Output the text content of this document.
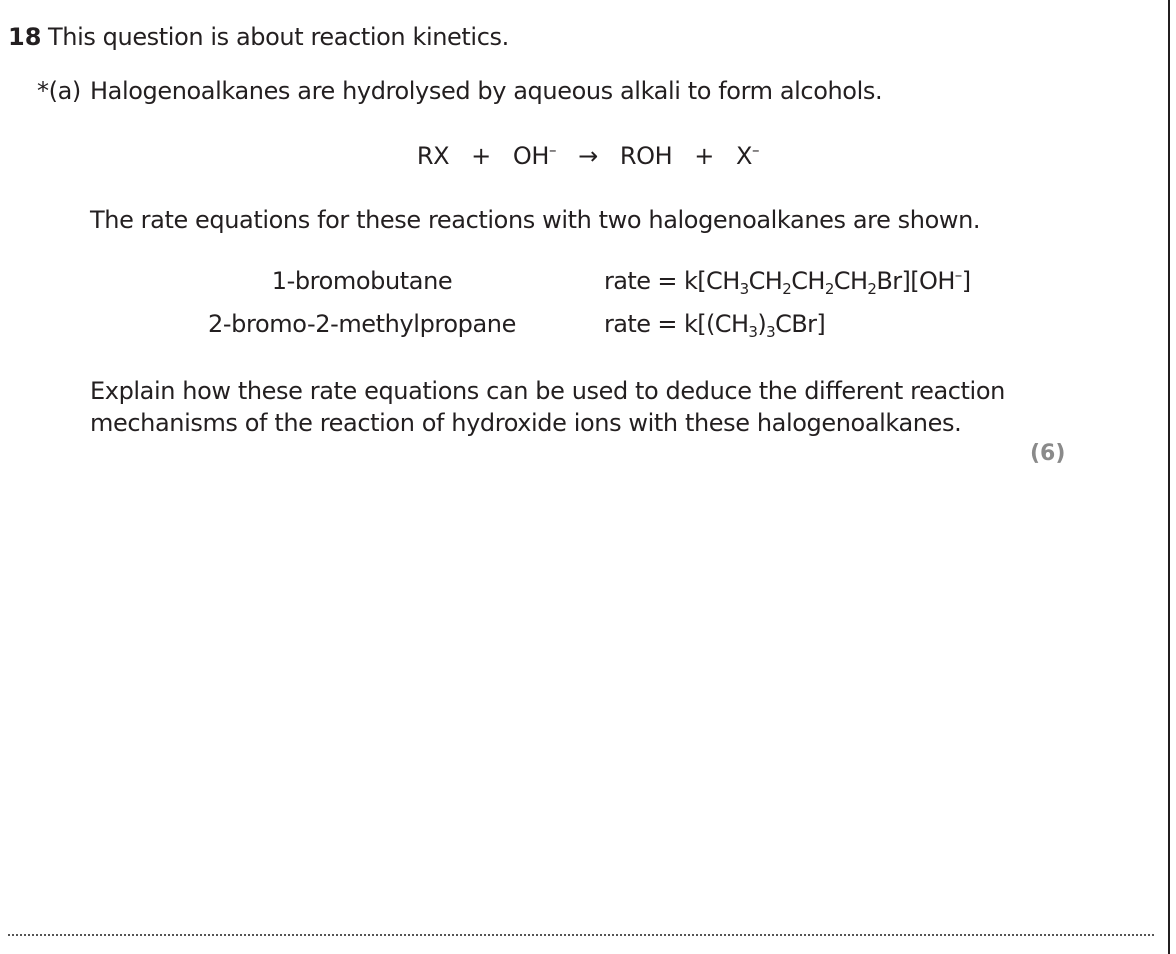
18 This question is about reaction kinetics.
*(a) Halogenoalkanes are hydrolysed by aqueous alkali to form alcohols.
RX + OH– → ROH + X–
The rate equations for these reactions with two halogenoalkanes are shown.
1-bromobutane	rate = $k[CH_3CH_2CH_2CH_2Br][OH^-]$
2-bromo-2-methylpropane	rate = $k[(CH_3)_3CBr]$
Explain how these rate equations can be used to deduce the different reaction mechanisms of the reaction of hydroxide ions with these halogenoalkanes.
(6)
